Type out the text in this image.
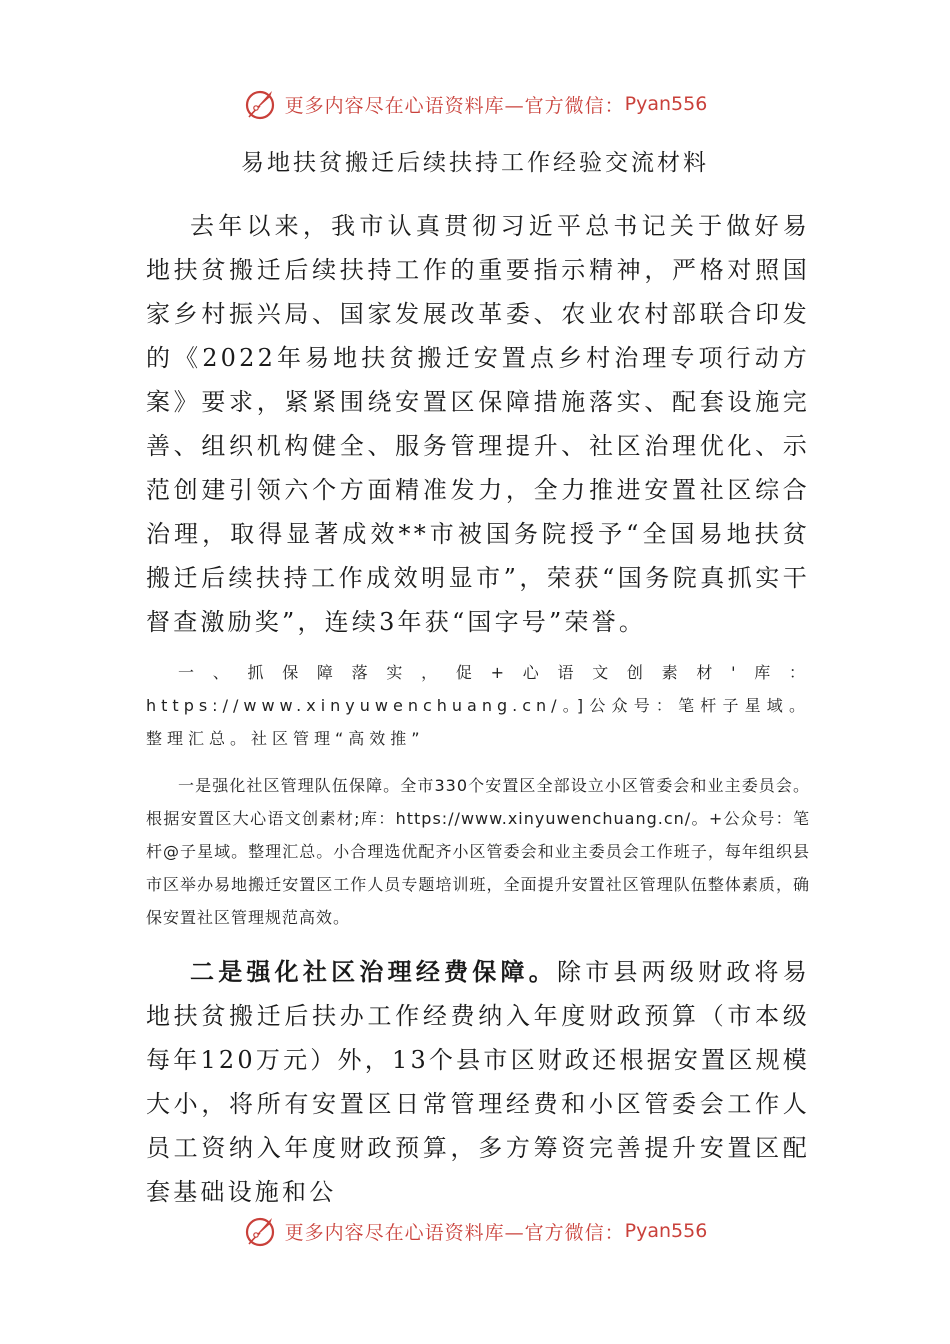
更多内容尽在心语资料库—官方微信： Pyan556
易地扶贫搬迁后续扶持工作经验交流材料

去年以来，我市认真贯彻习近平总书记关于做好易地扶贫搬迁后续扶持工作的重要指示精神，严格对照国家乡村振兴局、国家发展改革委、农业农村部联合印发的《2022年易地扶贫搬迁安置点乡村治理专项行动方案》要求，紧紧围绕安置区保障措施落实、配套设施完善、组织机构健全、服务管理提升、社区治理优化、示范创建引领六个方面精准发力，全力推进安置社区综合治理，取得显著成效**市被国务院授予“全国易地扶贫搬迁后续扶持工作成效明显市”，荣获“国务院真抓实干督查激励奖”，连续3年获“国字号”荣誉。

一、抓保障落实，促+心语文创素材'库：https://www.xinyuwenchuang.cn/。]公众号：笔杆子星域。整理汇总。社区管理“高效推”

一是强化社区管理队伍保障。全市330个安置区全部设立小区管委会和业主委员会。根据安置区大心语文创素材;库：https://www.xinyuwenchuang.cn/。+公众号：笔杆@子星域。整理汇总。小合理选优配齐小区管委会和业主委员会工作班子，每年组织县市区举办易地搬迁安置区工作人员专题培训班，全面提升安置社区管理队伍整体素质，确保安置社区管理规范高效。

二是强化社区治理经费保障。除市县两级财政将易地扶贫搬迁后扶办工作经费纳入年度财政预算（市本级每年120万元）外，13个县市区财政还根据安置区规模大小，将所有安置区日常管理经费和小区管委会工作人员工资纳入年度财政预算，多方筹资完善提升安置区配套基础设施和公

更多内容尽在心语资料库—官方微信： Pyan556
